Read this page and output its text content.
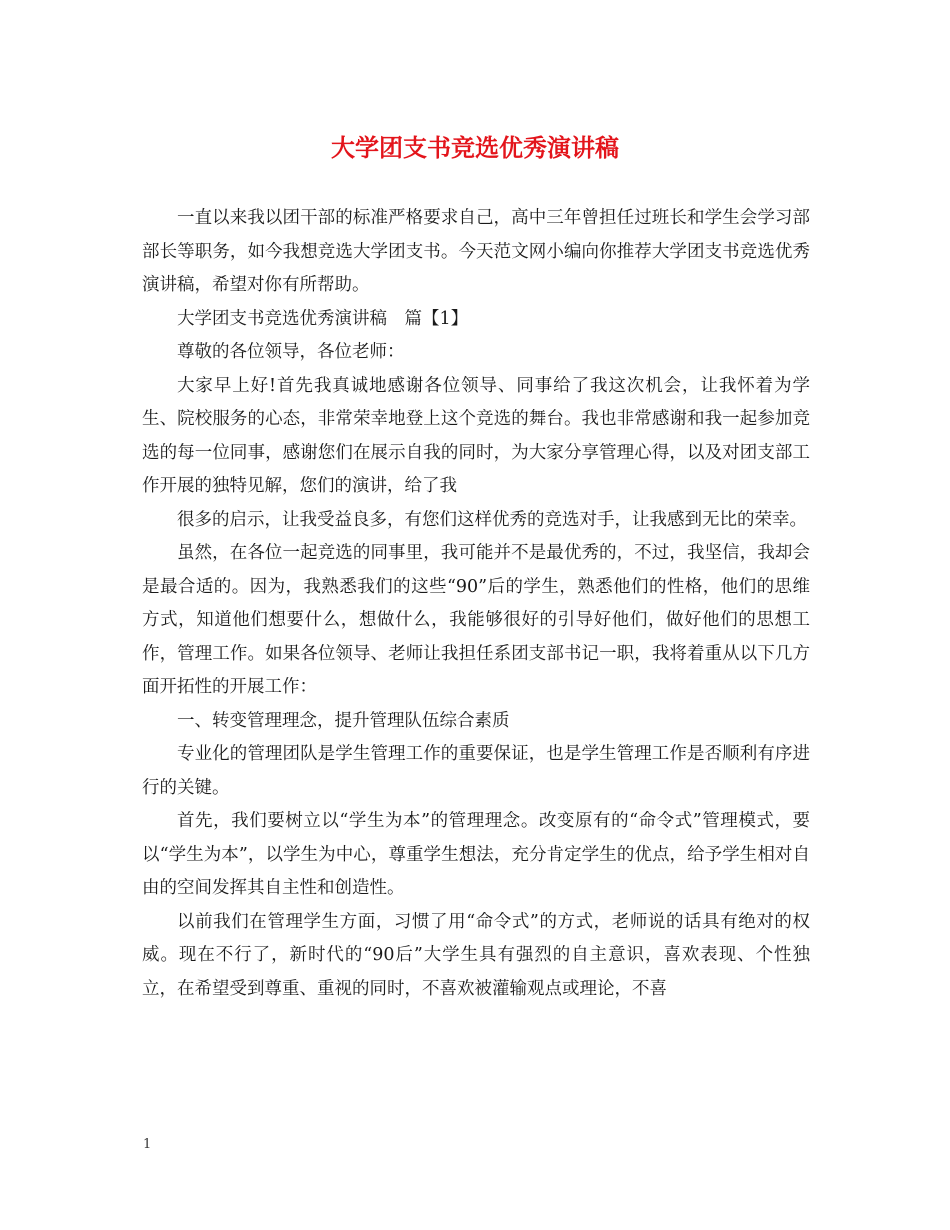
大学团支书竞选优秀演讲稿

一直以来我以团干部的标准严格要求自己，高中三年曾担任过班长和学生会学习部部长等职务，如今我想竞选大学团支书。今天范文网小编向你推荐大学团支书竞选优秀演讲稿，希望对你有所帮助。

大学团支书竞选优秀演讲稿　篇【1】

尊敬的各位领导，各位老师：

大家早上好!首先我真诚地感谢各位领导、同事给了我这次机会，让我怀着为学生、院校服务的心态，非常荣幸地登上这个竞选的舞台。我也非常感谢和我一起参加竞选的每一位同事，感谢您们在展示自我的同时，为大家分享管理心得，以及对团支部工作开展的独特见解，您们的演讲，给了我

很多的启示，让我受益良多，有您们这样优秀的竞选对手，让我感到无比的荣幸。

虽然，在各位一起竞选的同事里，我可能并不是最优秀的，不过，我坚信，我却会是最合适的。因为，我熟悉我们的这些“90”后的学生，熟悉他们的性格，他们的思维方式，知道他们想要什么，想做什么，我能够很好的引导好他们，做好他们的思想工作，管理工作。如果各位领导、老师让我担任系团支部书记一职，我将着重从以下几方面开拓性的开展工作：

一、转变管理理念，提升管理队伍综合素质

专业化的管理团队是学生管理工作的重要保证，也是学生管理工作是否顺利有序进行的关键。

首先，我们要树立以“学生为本”的管理理念。改变原有的“命令式”管理模式，要以“学生为本”，以学生为中心，尊重学生想法，充分肯定学生的优点，给予学生相对自由的空间发挥其自主性和创造性。

以前我们在管理学生方面，习惯了用“命令式”的方式，老师说的话具有绝对的权威。现在不行了，新时代的“90后”大学生具有强烈的自主意识，喜欢表现、个性独立，在希望受到尊重、重视的同时，不喜欢被灌输观点或理论，不喜

1
